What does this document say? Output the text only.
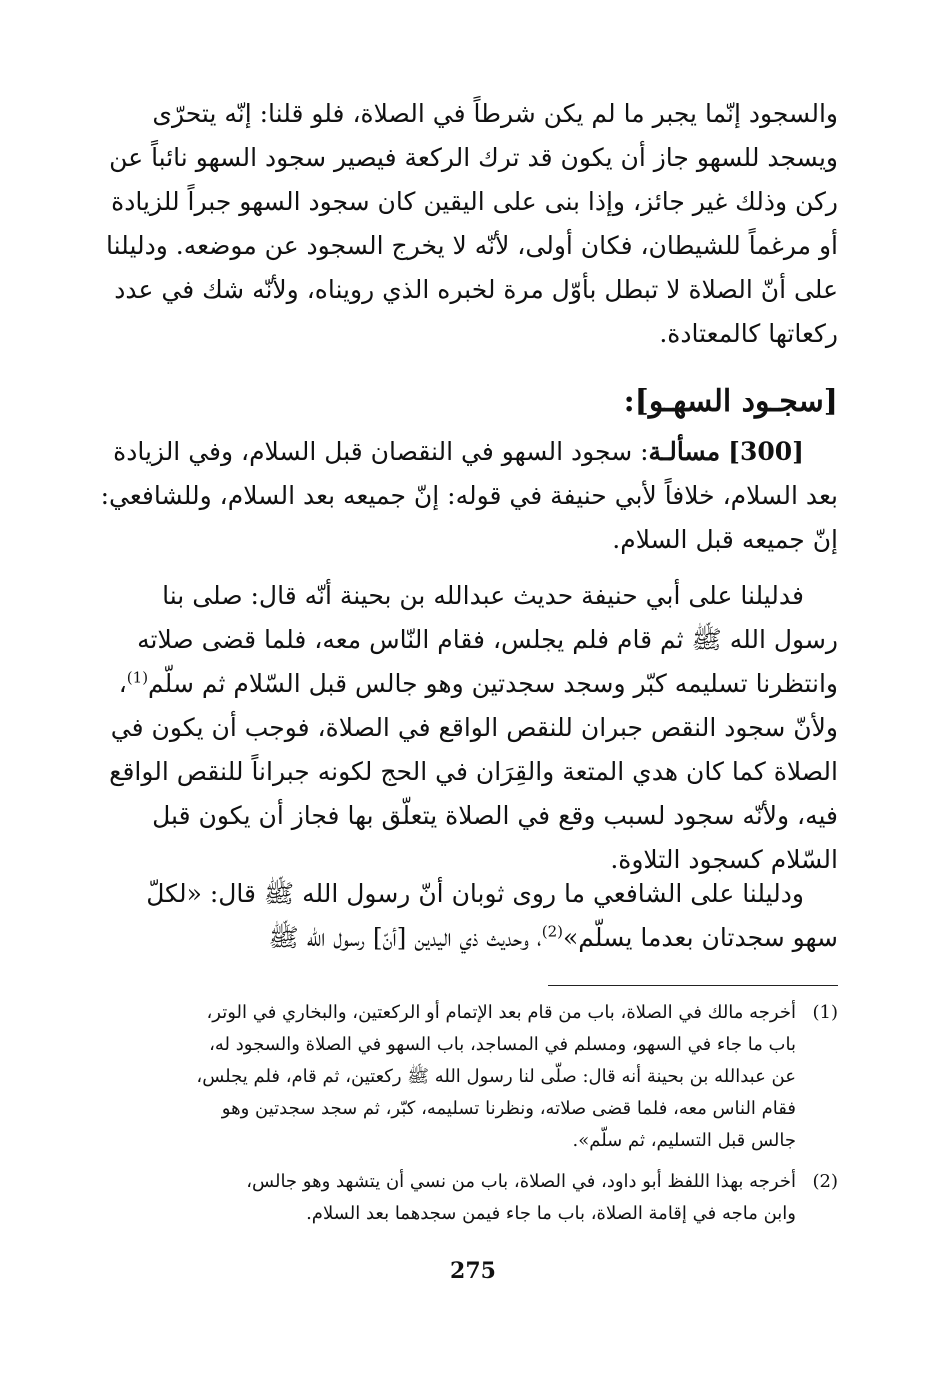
والسجود إنّما يجبر ما لم يكن شرطاً في الصلاة، فلو قلنا: إنّه يتحرّى

ويسجد للسهو جاز أن يكون قد ترك الركعة فيصير سجود السهو نائباً عن

ركن وذلك غير جائز، وإذا بنى على اليقين كان سجود السهو جبراً للزيادة

أو مرغماً للشيطان، فكان أولى، لأنّه لا يخرج السجود عن موضعه. ودليلنا

على أنّ الصلاة لا تبطل بأوّل مرة لخبره الذي رويناه، ولأنّه شك في عدد

ركعاتها كالمعتادة.

[سجـود السهـو]:

[300] مسألـة: سجود السهو في النقصان قبل السلام، وفي الزيادة

بعد السلام، خلافاً لأبي حنيفة في قوله: إنّ جميعه بعد السلام، وللشافعي:

إنّ جميعه قبل السلام.

فدليلنا على أبي حنيفة حديث عبدالله بن بحينة أنّه قال: صلى بنا

رسول الله ﷺ ثم قام فلم يجلس، فقام النّاس معه، فلما قضى صلاته

وانتظرنا تسليمه كبّر وسجد سجدتين وهو جالس قبل السّلام ثم سلّم$^{(1)}$،

ولأنّ سجود النقص جبران للنقص الواقع في الصلاة، فوجب أن يكون في

الصلاة كما كان هدي المتعة والقِرَان في الحج لكونه جبراناً للنقص الواقع

فيه، ولأنّه سجود لسبب وقع في الصلاة يتعلّق بها فجاز أن يكون قبل

السّلام كسجود التلاوة.

ودليلنا على الشافعي ما روى ثوبان أنّ رسول الله ﷺ قال: «لكلّ

سهو سجدتان بعدما يسلّم»$^{(2)}$، وحديث ذي اليدين [أنّ] رسول الله ﷺ

(1)
أخرجه مالك في الصلاة، باب من قام بعد الإتمام أو الركعتين، والبخاري في الوتر،
باب ما جاء في السهو، ومسلم في المساجد، باب السهو في الصلاة والسجود له،
عن عبدالله بن بحينة أنه قال: صلّى لنا رسول الله ﷺ ركعتين، ثم قام، فلم يجلس،
فقام الناس معه، فلما قضى صلاته، ونظرنا تسليمه، كبّر، ثم سجد سجدتين وهو
جالس قبل التسليم، ثم سلّم».
(2)
أخرجه بهذا اللفظ أبو داود، في الصلاة، باب من نسي أن يتشهد وهو جالس،
وابن ماجه في إقامة الصلاة، باب ما جاء فيمن سجدهما بعد السلام.
275
